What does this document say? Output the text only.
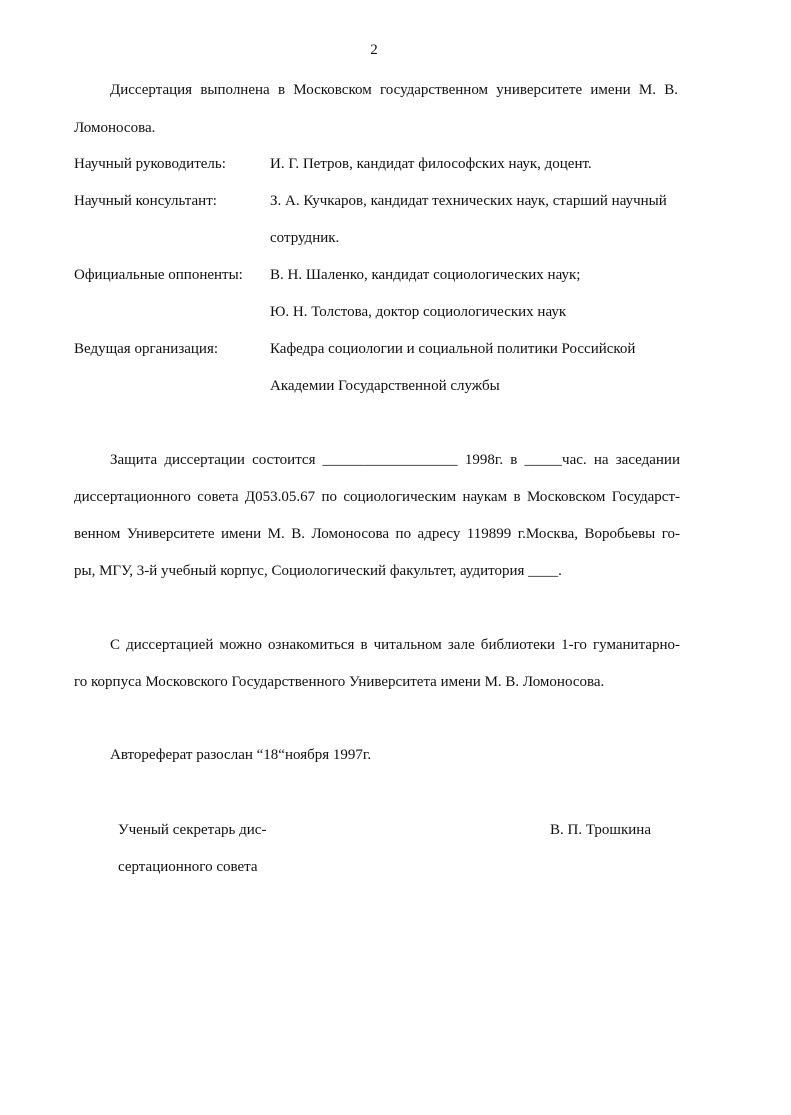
2
Диссертация выполнена в Московском государственном университете имени М. В.
Ломоносова.
Научный руководитель:	И. Г. Петров, кандидат философских наук, доцент.
Научный консультант:	З. А. Кучкаров, кандидат технических наук, старший научный
сотрудник.
Официальные оппоненты: В. Н. Шаленко, кандидат социологических наук;
Ю. Н. Толстова, доктор социологических наук
Ведущая организация:	Кафедра социологии и социальной политики Российской
Академии Государственной службы
Защита диссертации состоится __________________ 1998г. в _____час. на заседании
диссертационного совета Д053.05.67 по социологическим наукам в Московском Государст-
венном Университете имени М. В. Ломоносова по адресу 119899 г.Москва, Воробьевы го-
ры, МГУ, 3-й учебный корпус, Социологический факультет, аудитория ____.
С диссертацией можно ознакомиться в читальном зале библиотеки 1-го гуманитарно-
го корпуса Московского Государственного Университета имени М. В. Ломоносова.
Автореферат разослан “18“ноября 1997г.
Ученый секретарь дис-
сертационного совета
В. П. Трошкина
